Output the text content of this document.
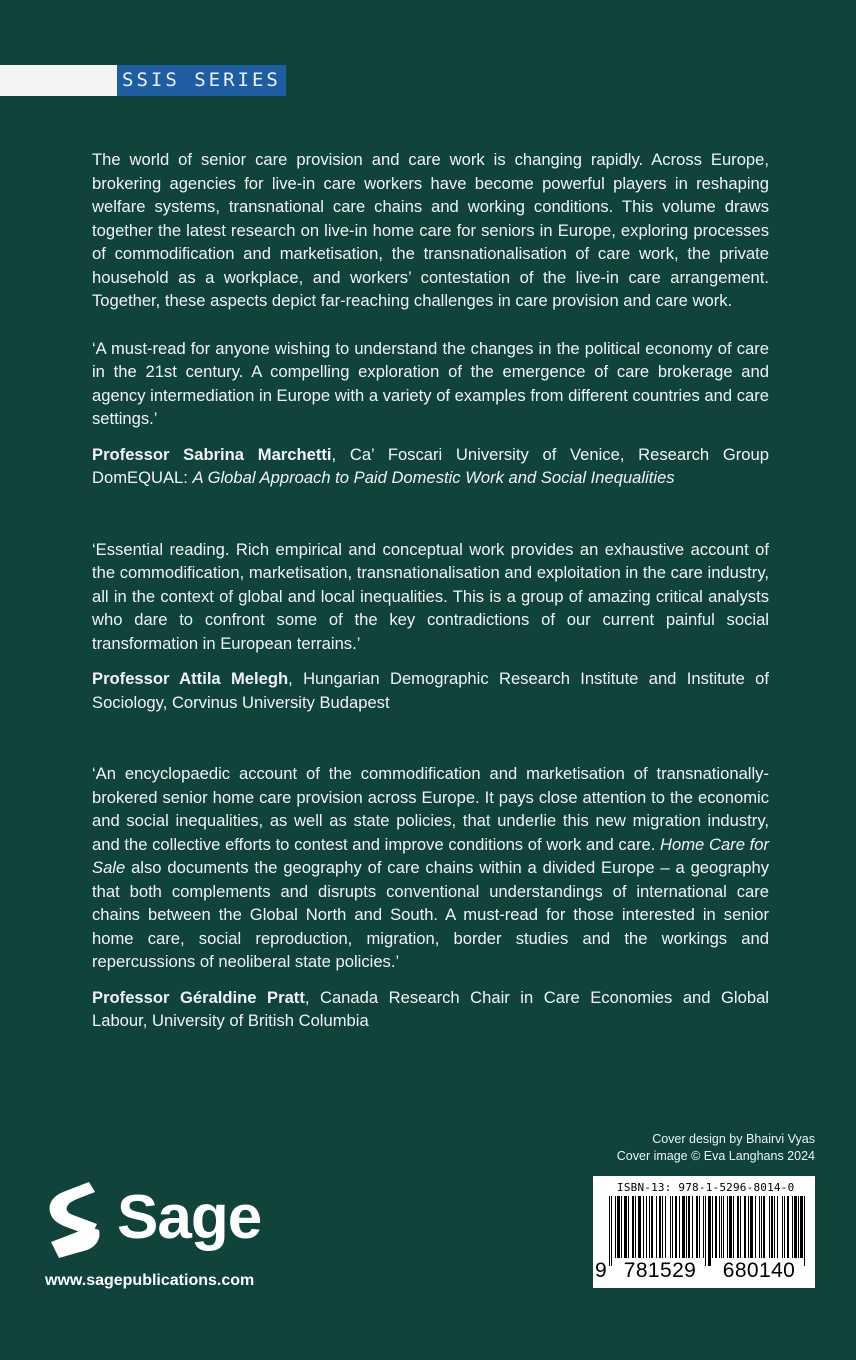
SSIS SERIES

The world of senior care provision and care work is changing rapidly. Across Europe, brokering agencies for live-in care workers have become powerful players in reshaping welfare systems, transnational care chains and working conditions. This volume draws together the latest research on live-in home care for seniors in Europe, exploring processes of commodification and marketisation, the transnationalisation of care work, the private household as a workplace, and workers’ contestation of the live-in care arrangement. Together, these aspects depict far-reaching challenges in care provision and care work.

‘A must-read for anyone wishing to understand the changes in the political economy of care in the 21st century. A compelling exploration of the emergence of care brokerage and agency intermediation in Europe with a variety of examples from different countries and care settings.’

Professor Sabrina Marchetti, Ca’ Foscari University of Venice, Research Group DomEQUAL: A Global Approach to Paid Domestic Work and Social Inequalities

‘Essential reading. Rich empirical and conceptual work provides an exhaustive account of the commodification, marketisation, transnationalisation and exploitation in the care industry, all in the context of global and local inequalities. This is a group of amazing critical analysts who dare to confront some of the key contradictions of our current painful social transformation in European terrains.’

Professor Attila Melegh, Hungarian Demographic Research Institute and Institute of Sociology, Corvinus University Budapest

‘An encyclopaedic account of the commodification and marketisation of transnationally-brokered senior home care provision across Europe. It pays close attention to the economic and social inequalities, as well as state policies, that underlie this new migration industry, and the collective efforts to contest and improve conditions of work and care. Home Care for Sale also documents the geography of care chains within a divided Europe – a geography that both complements and disrupts conventional understandings of international care chains between the Global North and South. A must-read for those interested in senior home care, social reproduction, migration, border studies and the workings and repercussions of neoliberal state policies.’

Professor Géraldine Pratt, Canada Research Chair in Care Economies and Global Labour, University of British Columbia

Cover design by Bhairvi Vyas
Cover image © Eva Langhans 2024
Sage
www.sagepublications.com
ISBN-13: 978-1-5296-8014-0
9 781529	680140
